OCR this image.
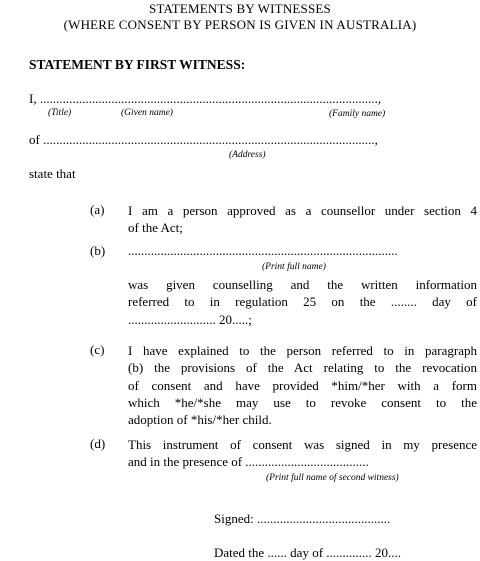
STATEMENTS BY WITNESSES
(WHERE CONSENT BY PERSON IS GIVEN IN AUSTRALIA)
STATEMENT BY FIRST WITNESS:
I, ........................................................................................................,
(Title)	(Given name)	(Family name)
of ......................................................................................................,
(Address)
state that
(a) I am a person approved as a counsellor under section 4
of the Act;
(b) ...................................................................................
(Print full name)
was given counselling and the written information
referred to in regulation 25 on the ........ day of
........................... 20.....;
(c) I have explained to the person referred to in paragraph
(b) the provisions of the Act relating to the revocation
of consent and have provided *him/*her with a form
which *he/*she may use to revoke consent to the
adoption of *his/*her child.
(d) This instrument of consent was signed in my presence
and in the presence of ......................................
(Print full name of second witness)
Signed: .........................................
Dated the ...... day of .............. 20....
